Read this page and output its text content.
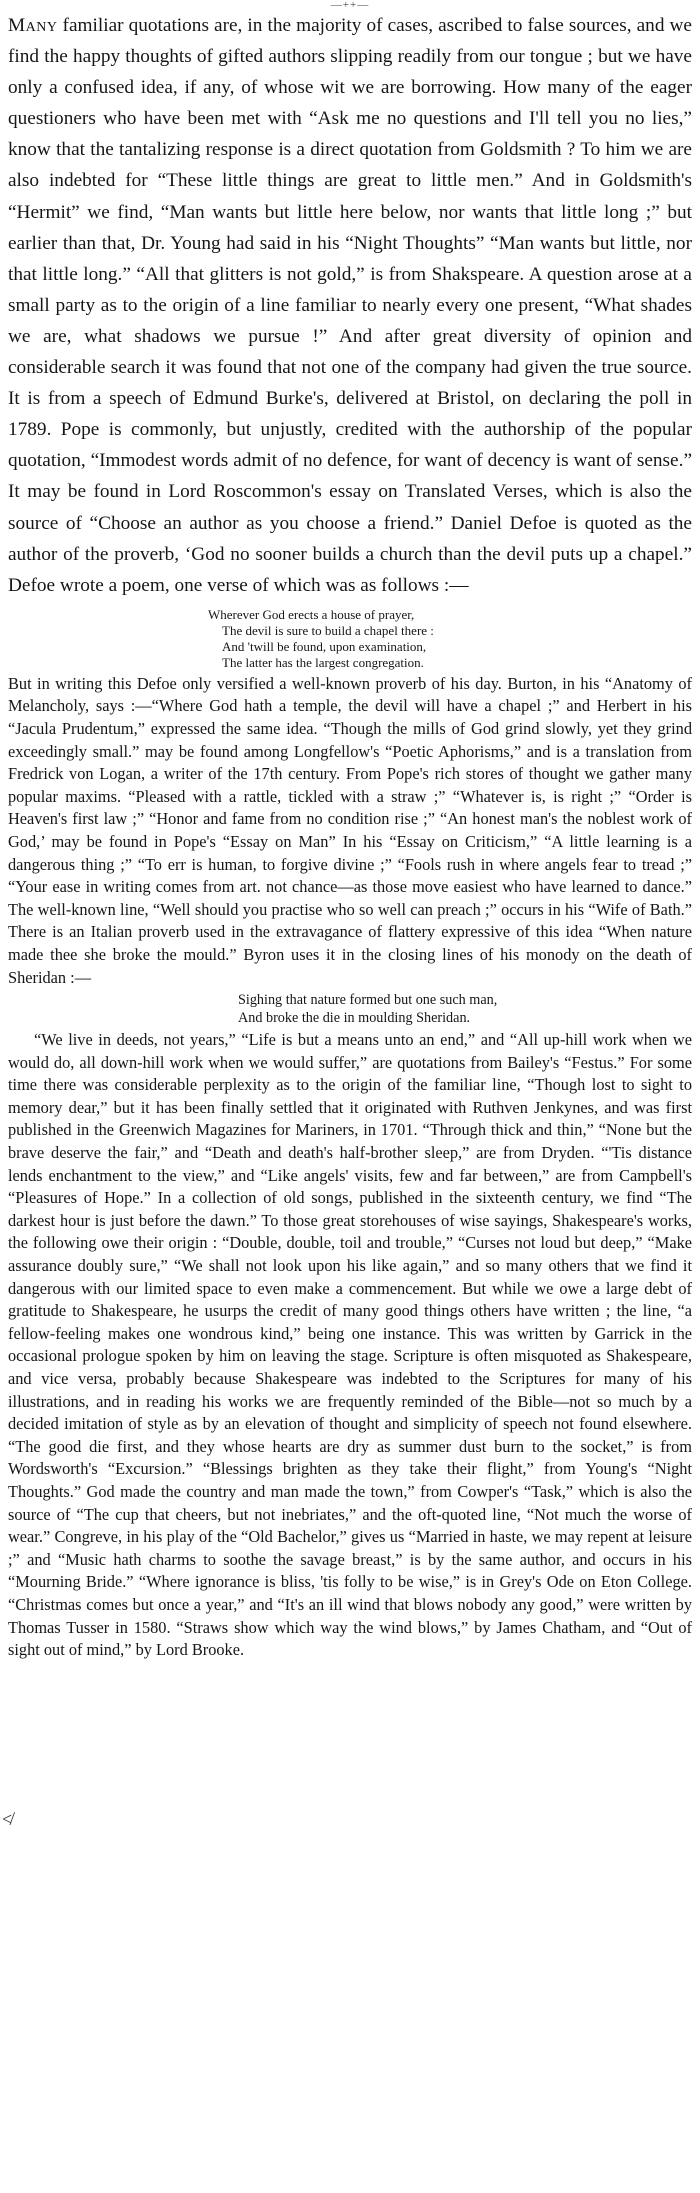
—++—

Many familiar quotations are, in the majority of cases, ascribed to false sources, and we find the happy thoughts of gifted authors slipping readily from our tongue ; but we have only a confused idea, if any, of whose wit we are borrowing. How many of the eager questioners who have been met with “Ask me no questions and I'll tell you no lies,” know that the tantalizing response is a direct quotation from Goldsmith ? To him we are also indebted for “These little things are great to little men.” And in Goldsmith's “Hermit” we find, “Man wants but little here below, nor wants that little long ;” but earlier than that, Dr. Young had said in his “Night Thoughts” “Man wants but little, nor that little long.” “All that glitters is not gold,” is from Shakspeare. A question arose at a small party as to the origin of a line familiar to nearly every one present, “What shades we are, what shadows we pursue !” And after great diversity of opinion and considerable search it was found that not one of the company had given the true source. It is from a speech of Edmund Burke's, delivered at Bristol, on declaring the poll in 1789. Pope is commonly, but unjustly, credited with the authorship of the popular quotation, “Immodest words admit of no defence, for want of decency is want of sense.” It may be found in Lord Roscommon's essay on Translated Verses, which is also the source of “Choose an author as you choose a friend.” Daniel Defoe is quoted as the author of the proverb, ‘God no sooner builds a church than the devil puts up a chapel.” Defoe wrote a poem, one verse of which was as follows :—

Wherever God erects a house of prayer,
The devil is sure to build a chapel there :
And 'twill be found, upon examination,
The latter has the largest congregation.

But in writing this Defoe only versified a well-known proverb of his day. Burton, in his “Anatomy of Melancholy, says :—“Where God hath a temple, the devil will have a chapel ;” and Herbert in his “Jacula Prudentum,” expressed the same idea. “Though the mills of God grind slowly, yet they grind exceedingly small.” may be found among Longfellow's “Poetic Aphorisms,” and is a translation from Fredrick von Logan, a writer of the 17th century. From Pope's rich stores of thought we gather many popular maxims. “Pleased with a rattle, tickled with a straw ;” “Whatever is, is right ;” “Order is Heaven's first law ;” “Honor and fame from no condition rise ;” “An honest man's the noblest work of God,’ may be found in Pope's “Essay on Man” In his “Essay on Criticism,” “A little learning is a dangerous thing ;” “To err is human, to forgive divine ;” “Fools rush in where angels fear to tread ;” “Your ease in writing comes from art. not chance—as those move easiest who have learned to dance.” The well-known line, “Well should you practise who so well can preach ;” occurs in his “Wife of Bath.” There is an Italian proverb used in the extravagance of flattery expressive of this idea “When nature made thee she broke the mould.” Byron uses it in the closing lines of his monody on the death of Sheridan :—

Sighing that nature formed but one such man,
And broke the die in moulding Sheridan.

“We live in deeds, not years,” “Life is but a means unto an end,” and “All up-hill work when we would do, all down-hill work when we would suffer,” are quotations from Bailey's “Festus.” For some time there was considerable perplexity as to the origin of the familiar line, “Though lost to sight to memory dear,” but it has been finally settled that it originated with Ruthven Jenkynes, and was first published in the Greenwich Magazines for Mariners, in 1701. “Through thick and thin,” “None but the brave deserve the fair,” and “Death and death's half-brother sleep,” are from Dryden. “'Tis distance lends enchantment to the view,” and “Like angels' visits, few and far between,” are from Campbell's “Pleasures of Hope.” In a collection of old songs, published in the sixteenth century, we find “The darkest hour is just before the dawn.” To those great storehouses of wise sayings, Shakespeare's works, the following owe their origin : “Double, double, toil and trouble,” “Curses not loud but deep,” “Make assurance doubly sure,” “We shall not look upon his like again,” and so many others that we find it dangerous with our limited space to even make a commencement. But while we owe a large debt of gratitude to Shakespeare, he usurps the credit of many good things others have written ; the line, “a fellow-feeling makes one wondrous kind,” being one instance. This was written by Garrick in the occasional prologue spoken by him on leaving the stage. Scripture is often misquoted as Shakespeare, and vice versa, probably because Shakespeare was indebted to the Scriptures for many of his illustrations, and in reading his works we are frequently reminded of the Bible—not so much by a decided imitation of style as by an elevation of thought and simplicity of speech not found elsewhere. “The good die first, and they whose hearts are dry as summer dust burn to the socket,” is from Wordsworth's “Excursion.” “Blessings brighten as they take their flight,” from Young's “Night Thoughts.” God made the country and man made the town,” from Cowper's “Task,” which is also the source of “The cup that cheers, but not inebriates,” and the oft-quoted line, “Not much the worse of wear.” Congreve, in his play of the “Old Bachelor,” gives us “Married in haste, we may repent at leisure ;” and “Music hath charms to soothe the savage breast,” is by the same author, and occurs in his “Mourning Bride.” “Where ignorance is bliss, 'tis folly to be wise,” is in Grey's Ode on Eton College. “Christmas comes but once a year,” and “It's an ill wind that blows nobody any good,” were written by Thomas Tusser in 1580. “Straws show which way the wind blows,” by James Chatham, and “Out of sight out of mind,” by Lord Brooke.

≮
